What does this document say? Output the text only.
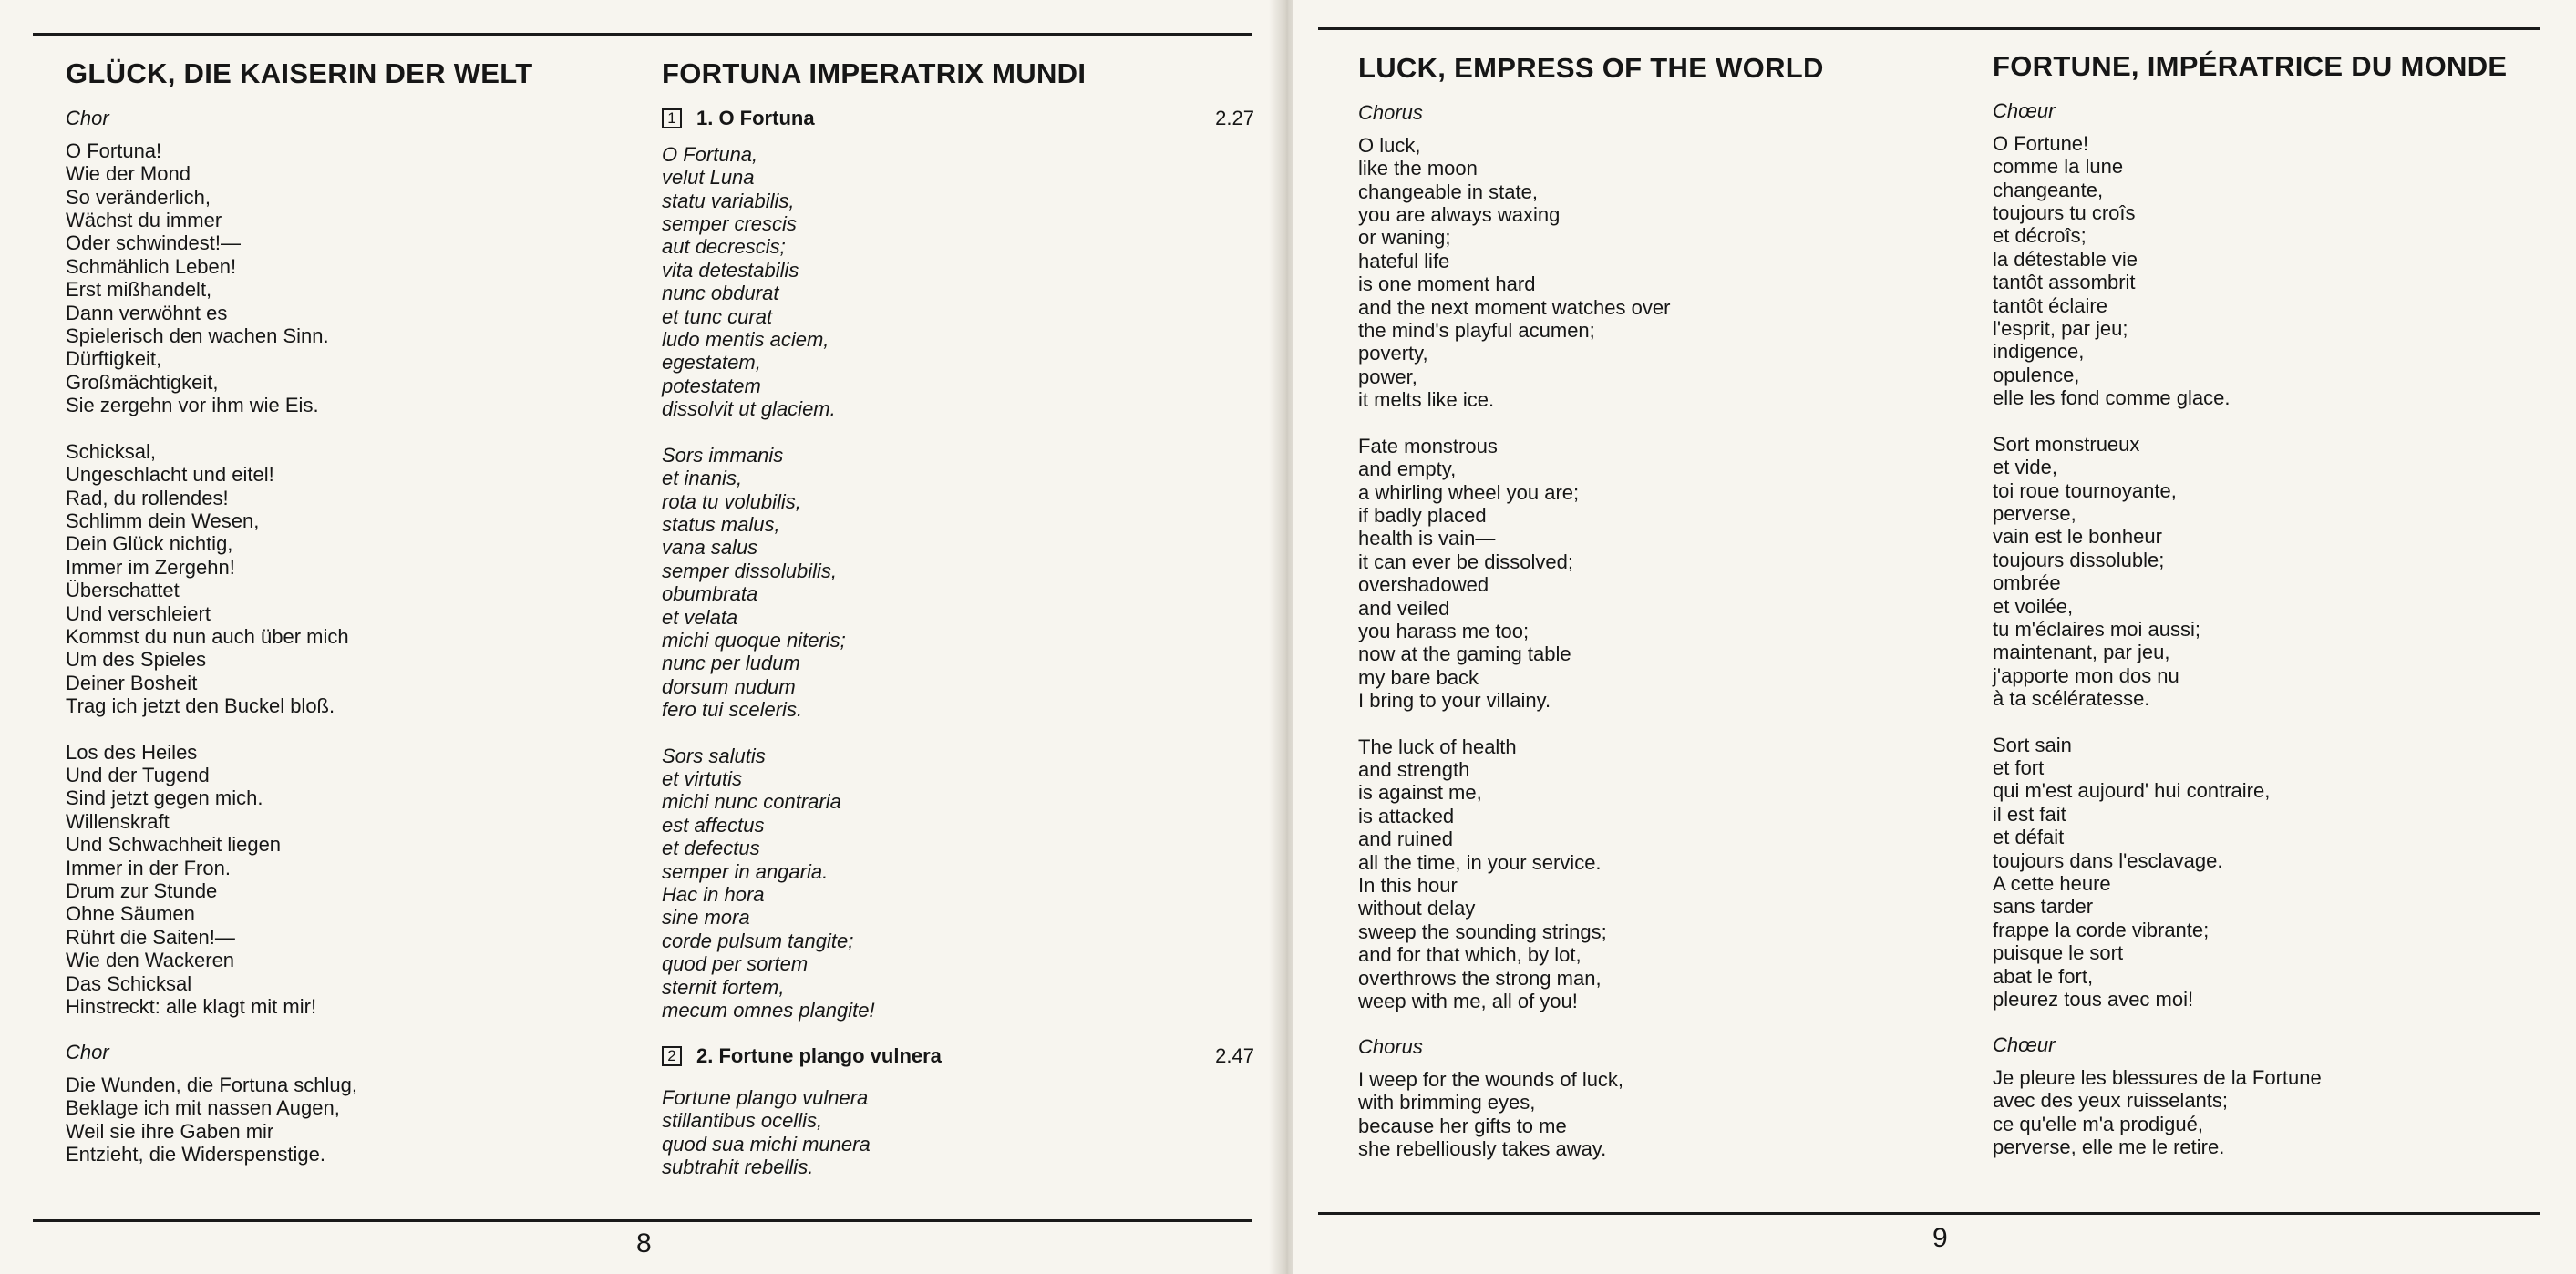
8
GLÜCK, DIE KAISERIN DER WELT
Chor
O Fortuna!
Wie der Mond
So veränderlich,
Wächst du immer
Oder schwindest!—
Schmählich Leben!
Erst mißhandelt,
Dann verwöhnt es
Spielerisch den wachen Sinn.
Dürftigkeit,
Großmächtigkeit,
Sie zergehn vor ihm wie Eis.
Schicksal,
Ungeschlacht und eitel!
Rad, du rollendes!
Schlimm dein Wesen,
Dein Glück nichtig,
Immer im Zergehn!
Überschattet
Und verschleiert
Kommst du nun auch über mich
Um des Spieles
Deiner Bosheit
Trag ich jetzt den Buckel bloß.
Los des Heiles
Und der Tugend
Sind jetzt gegen mich.
Willenskraft
Und Schwachheit liegen
Immer in der Fron.
Drum zur Stunde
Ohne Säumen
Rührt die Saiten!—
Wie den Wackeren
Das Schicksal
Hinstreckt: alle klagt mit mir!
Chor
Die Wunden, die Fortuna schlug,
Beklage ich mit nassen Augen,
Weil sie ihre Gaben mir
Entzieht, die Widerspenstige.
FORTUNA IMPERATRIX MUNDI
1 1. O Fortuna	2.27
O Fortuna,
velut Luna
statu variabilis,
semper crescis
aut decrescis;
vita detestabilis
nunc obdurat
et tunc curat
ludo mentis aciem,
egestatem,
potestatem
dissolvit ut glaciem.
Sors immanis
et inanis,
rota tu volubilis,
status malus,
vana salus
semper dissolubilis,
obumbrata
et velata
michi quoque niteris;
nunc per ludum
dorsum nudum
fero tui sceleris.
Sors salutis
et virtutis
michi nunc contraria
est affectus
et defectus
semper in angaria.
Hac in hora
sine mora
corde pulsum tangite;
quod per sortem
sternit fortem,
mecum omnes plangite!
2 2. Fortune plango vulnera	2.47
Fortune plango vulnera
stillantibus ocellis,
quod sua michi munera
subtrahit rebellis.
9
LUCK, EMPRESS OF THE WORLD
Chorus
O luck,
like the moon
changeable in state,
you are always waxing
or waning;
hateful life
is one moment hard
and the next moment watches over
the mind's playful acumen;
poverty,
power,
it melts like ice.
Fate monstrous
and empty,
a whirling wheel you are;
if badly placed
health is vain—
it can ever be dissolved;
overshadowed
and veiled
you harass me too;
now at the gaming table
my bare back
I bring to your villainy.
The luck of health
and strength
is against me,
is attacked
and ruined
all the time, in your service.
In this hour
without delay
sweep the sounding strings;
and for that which, by lot,
overthrows the strong man,
weep with me, all of you!
Chorus
I weep for the wounds of luck,
with brimming eyes,
because her gifts to me
she rebelliously takes away.
FORTUNE, IMPÉRATRICE DU MONDE
Chœur
O Fortune!
comme la lune
changeante,
toujours tu croîs
et décroîs;
la détestable vie
tantôt assombrit
tantôt éclaire
l'esprit, par jeu;
indigence,
opulence,
elle les fond comme glace.
Sort monstrueux
et vide,
toi roue tournoyante,
perverse,
vain est le bonheur
toujours dissoluble;
ombrée
et voilée,
tu m'éclaires moi aussi;
maintenant, par jeu,
j'apporte mon dos nu
à ta scélératesse.
Sort sain
et fort
qui m'est aujourd' hui contraire,
il est fait
et défait
toujours dans l'esclavage.
A cette heure
sans tarder
frappe la corde vibrante;
puisque le sort
abat le fort,
pleurez tous avec moi!
Chœur
Je pleure les blessures de la Fortune
avec des yeux ruisselants;
ce qu'elle m'a prodigué,
perverse, elle me le retire.
